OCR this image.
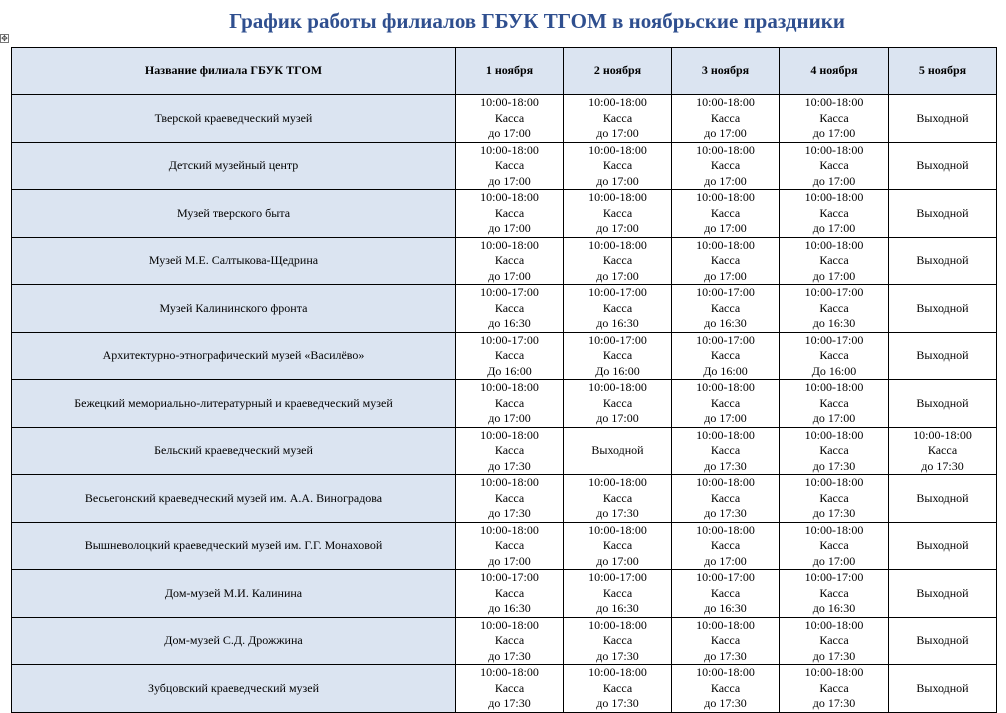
График работы филиалов ГБУК ТГОМ в ноябрьские праздники
✥
Название филиала ГБУК ТГОМ	1 ноября	2 ноября	3 ноября	4 ноября	5 ноября
Тверской краеведческий музей	10:00-18:00
Касса
до 17:00	10:00-18:00
Касса
до 17:00	10:00-18:00
Касса
до 17:00	10:00-18:00
Касса
до 17:00	Выходной

Детский музейный центр	10:00-18:00
Касса
до 17:00	10:00-18:00
Касса
до 17:00	10:00-18:00
Касса
до 17:00	10:00-18:00
Касса
до 17:00	Выходной

Музей тверского быта	10:00-18:00
Касса
до 17:00	10:00-18:00
Касса
до 17:00	10:00-18:00
Касса
до 17:00	10:00-18:00
Касса
до 17:00	Выходной

Музей М.Е. Салтыкова-Щедрина	10:00-18:00
Касса
до 17:00	10:00-18:00
Касса
до 17:00	10:00-18:00
Касса
до 17:00	10:00-18:00
Касса
до 17:00	Выходной

Музей Калининского фронта	10:00-17:00
Касса
до 16:30	10:00-17:00
Касса
до 16:30	10:00-17:00
Касса
до 16:30	10:00-17:00
Касса
до 16:30	Выходной

Архитектурно-этнографический музей «Василёво»	10:00-17:00
Касса
До 16:00	10:00-17:00
Касса
До 16:00	10:00-17:00
Касса
До 16:00	10:00-17:00
Касса
До 16:00	Выходной

Бежецкий мемориально-литературный и краеведческий музей	10:00-18:00
Касса
до 17:00	10:00-18:00
Касса
до 17:00	10:00-18:00
Касса
до 17:00	10:00-18:00
Касса
до 17:00	Выходной

Бельский краеведческий музей	10:00-18:00
Касса
до 17:30	Выходной	10:00-18:00
Касса
до 17:30	10:00-18:00
Касса
до 17:30	10:00-18:00
Касса
до 17:30

Весьегонский краеведческий музей им. А.А. Виноградова	10:00-18:00
Касса
до 17:30	10:00-18:00
Касса
до 17:30	10:00-18:00
Касса
до 17:30	10:00-18:00
Касса
до 17:30	Выходной

Вышневолоцкий краеведческий музей им. Г.Г. Монаховой	10:00-18:00
Касса
до 17:00	10:00-18:00
Касса
до 17:00	10:00-18:00
Касса
до 17:00	10:00-18:00
Касса
до 17:00	Выходной

Дом-музей М.И. Калинина	10:00-17:00
Касса
до 16:30	10:00-17:00
Касса
до 16:30	10:00-17:00
Касса
до 16:30	10:00-17:00
Касса
до 16:30	Выходной

Дом-музей С.Д. Дрожжина	10:00-18:00
Касса
до 17:30	10:00-18:00
Касса
до 17:30	10:00-18:00
Касса
до 17:30	10:00-18:00
Касса
до 17:30	Выходной

Зубцовский краеведческий музей	10:00-18:00
Касса
до 17:30	10:00-18:00
Касса
до 17:30	10:00-18:00
Касса
до 17:30	10:00-18:00
Касса
до 17:30	Выходной
